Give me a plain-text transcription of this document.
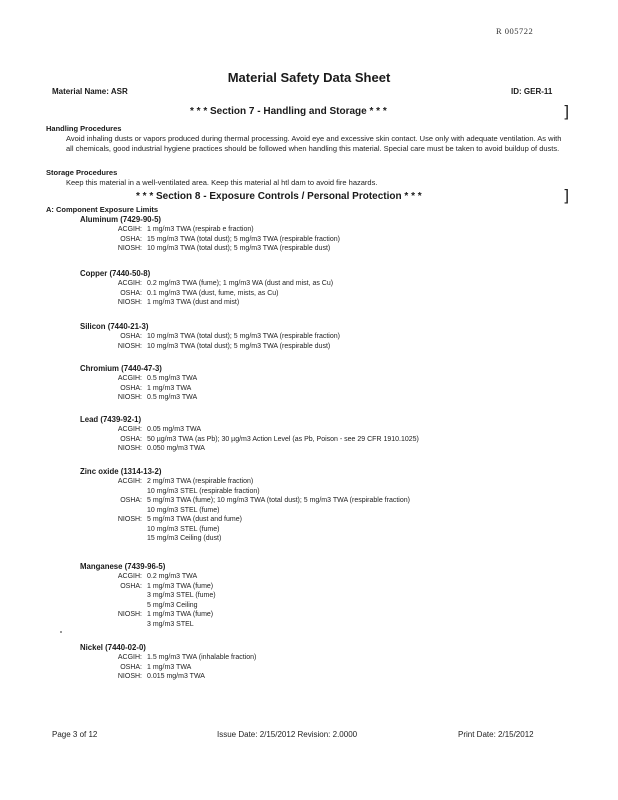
R 005722
Material Safety Data Sheet
Material Name: ASR	ID: GER-11
* * * Section 7 - Handling and Storage * * *	]
Handling Procedures
Avoid inhaling dusts or vapors produced during thermal processing. Avoid eye and excessive skin contact. Use only with adequate ventilation. As with all chemicals, good industrial hygiene practices should be followed when handling this material. Special care must be taken to avoid buildup of dusts.
Storage Procedures
Keep this material in a well-ventilated area. Keep this material al htl dam to avoid fire hazards.
* * * Section 8 - Exposure Controls / Personal Protection * * *	]
A: Component Exposure Limits
Aluminum (7429-90-5)
ACGIH: 1 mg/m3 TWA (respirab e fraction)
OSHA: 15 mg/m3 TWA (total dust); 5 mg/m3 TWA (respirable fraction)
NIOSH: 10 mg/m3 TWA (total dust); 5 mg/m3 TWA (respirable dust)
Copper (7440-50-8)
ACGIH: 0.2 mg/m3 TWA (fume); 1 mg/m3 WA (dust and mist, as Cu)
OSHA: 0.1 mg/m3 TWA (dust, fume, mists, as Cu)
NIOSH: 1 mg/m3 TWA (dust and mist)
Silicon (7440-21-3)
OSHA: 10 mg/m3 TWA (total dust); 5 mg/m3 TWA (respirable fraction)
NIOSH: 10 mg/m3 TWA (total dust); 5 mg/m3 TWA (respirable dust)
Chromium (7440-47-3)
ACGIH: 0.5 mg/m3 TWA
OSHA: 1 mg/m3 TWA
NIOSH: 0.5 mg/m3 TWA
Lead (7439-92-1)
ACGIH: 0.05 mg/m3 TWA
OSHA: 50 µg/m3 TWA (as Pb); 30 µg/m3 Action Level (as Pb, Poison - see 29 CFR 1910.1025)
NIOSH: 0.050 mg/m3 TWA
Zinc oxide (1314-13-2)
ACGIH: 2 mg/m3 TWA (respirable fraction)
10 mg/m3 STEL (respirable fraction)
OSHA: 5 mg/m3 TWA (fume); 10 mg/m3 TWA (total dust); 5 mg/m3 TWA (respirable fraction)
10 mg/m3 STEL (fume)
NIOSH: 5 mg/m3 TWA (dust and fume)
10 mg/m3 STEL (fume)
15 mg/m3 Ceiling (dust)
Manganese (7439-96-5)
ACGIH: 0.2 mg/m3 TWA
OSHA: 1 mg/m3 TWA (fume)
3 mg/m3 STEL (fume)
5 mg/m3 Ceiling
NIOSH: 1 mg/m3 TWA (fume)
3 mg/m3 STEL
Nickel (7440-02-0)
ACGIH: 1.5 mg/m3 TWA (inhalable fraction)
OSHA: 1 mg/m3 TWA
NIOSH: 0.015 mg/m3 TWA
Page 3 of 12	Issue Date: 2/15/2012 Revision: 2.0000	Print Date: 2/15/2012
